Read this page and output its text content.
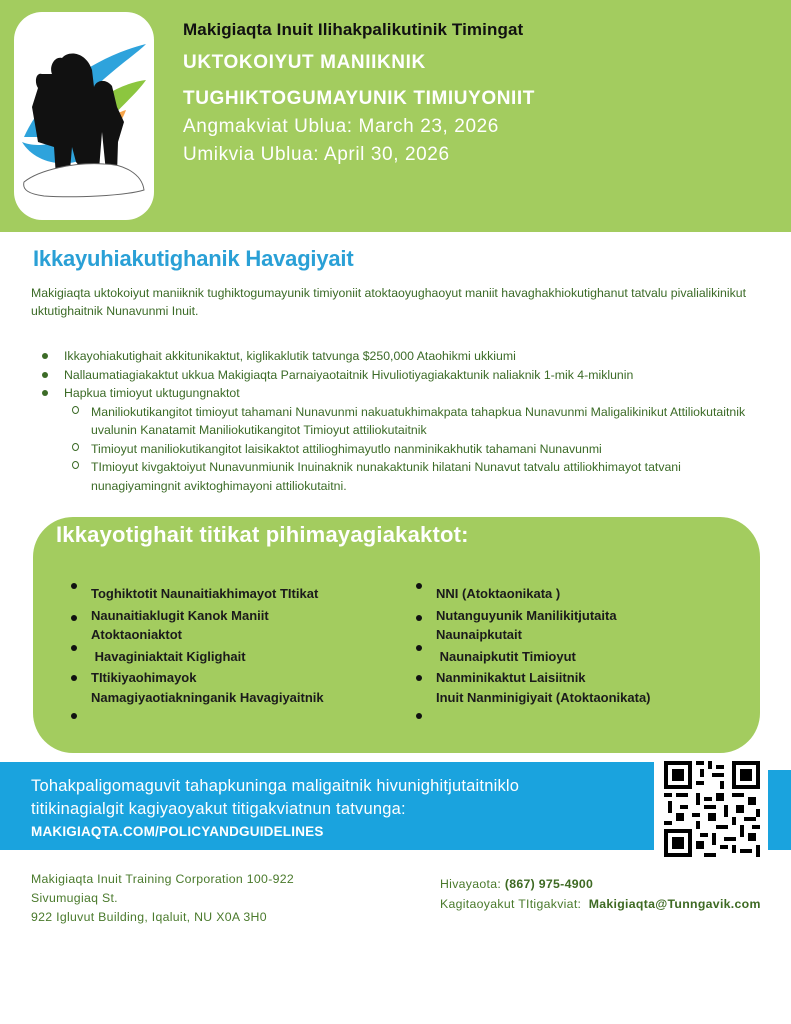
Makigiaqta Inuit Ilihakpalikutinik Timingat
UKTOKOIYUT MANIIKNIK
TUGHIKTOGUMAYUNIK TIMIUYONIIT
Angmakviat Ublua: March 23, 2026
Umikvia Ublua: April 30, 2026
Ikkayuhiakutighanik Havagiyait
Makigiaqta uktokoiyut maniiknik tughiktogumayunik timiyoniit atoktaoyughaoyut maniit havaghakhiokutighanut tatvalu pivalialikinikut uktutighaitnik Nunavunmi Inuit.
Ikkayohiakutighait akkitunikaktut, kiglikaklutik tatvunga $250,000 Ataohikmi ukkiumi
Nallaumatiagiakaktut ukkua Makigiaqta Parnaiyaotaitnik Hivuliotiyagiakaktunik naliaknik 1-mik 4-miklunin
Hapkua timioyut uktugungnaktot
Maniliokutikangitot timioyut tahamani Nunavunmi nakuatukhimakpata tahapkua Nunavunmi Maligalikinikut Attiliokutaitnik uvalunin Kanatamit Maniliokutikangitot Timioyut attiliokutaitnik
Timioyut maniliokutikangitot laisikaktot attilioghimayutlo nanminikakhutik tahamani Nunavunmi
TImioyut kivgaktoiyut Nunavunmiunik Inuinaknik nunakaktunik hilatani Nunavut tatvalu attiliokhimayot tatvani nunagiyamingnit aviktoghimayoni attiliokutaitni.
Ikkayotighait titikat pihimayagiakaktot:
Toghiktotit Naunaitiakhimayot TItikat
Naunaitiaklugit Kanok Maniit
Atoktaoniaktot
Havaginiaktait Kiglighait
TItikiyaohimayok
Namagiyaotiakninganik Havagiyaitnik
NNI (Atoktaonikata )
Nutanguyunik Manilikitjutaita
Naunaipkutait
Naunaipkutit Timioyut
Nanminikaktut Laisiitnik
Inuit Nanminigiyait (Atoktaonikata)
Tohakpaligomaguvit tahapkuninga maligaitnik hivunighitjutaitniklo
titikinagialgit kagiyaoyakut titigakviatnun tatvunga:
MAKIGIAQTA.COM/POLICYANDGUIDELINES
Makigiaqta Inuit Training Corporation 100-922
Sivumugiaq St.
922 Igluvut Building, Iqaluit, NU X0A 3H0
Hivayaota: (867) 975-4900
Kagitaoyakut TItigakviat:  Makigiaqta@Tunngavik.com
